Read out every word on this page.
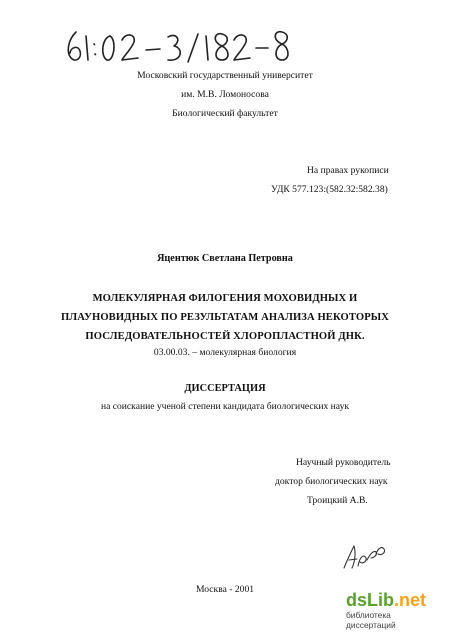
Московский государственный университет
им. М.В. Ломоносова
Биологический факультет
На правах рукописи
УДК 577.123:(582.32:582.38)
Яцентюк Светлана Петровна
МОЛЕКУЛЯРНАЯ ФИЛОГЕНИЯ МОХОВИДНЫХ И
ПЛАУНОВИДНЫХ ПО РЕЗУЛЬТАТАМ АНАЛИЗА НЕКОТОРЫХ
ПОСЛЕДОВАТЕЛЬНОСТЕЙ ХЛОРОПЛАСТНОЙ ДНК.
03.00.03. – молекулярная биология
ДИССЕРТАЦИЯ
на соискание ученой степени кандидата биологических наук
Научный руководитель
доктор биологических наук
Троицкий А.В.
Москва - 2001
dsLib.net
библиотека диссертаций
